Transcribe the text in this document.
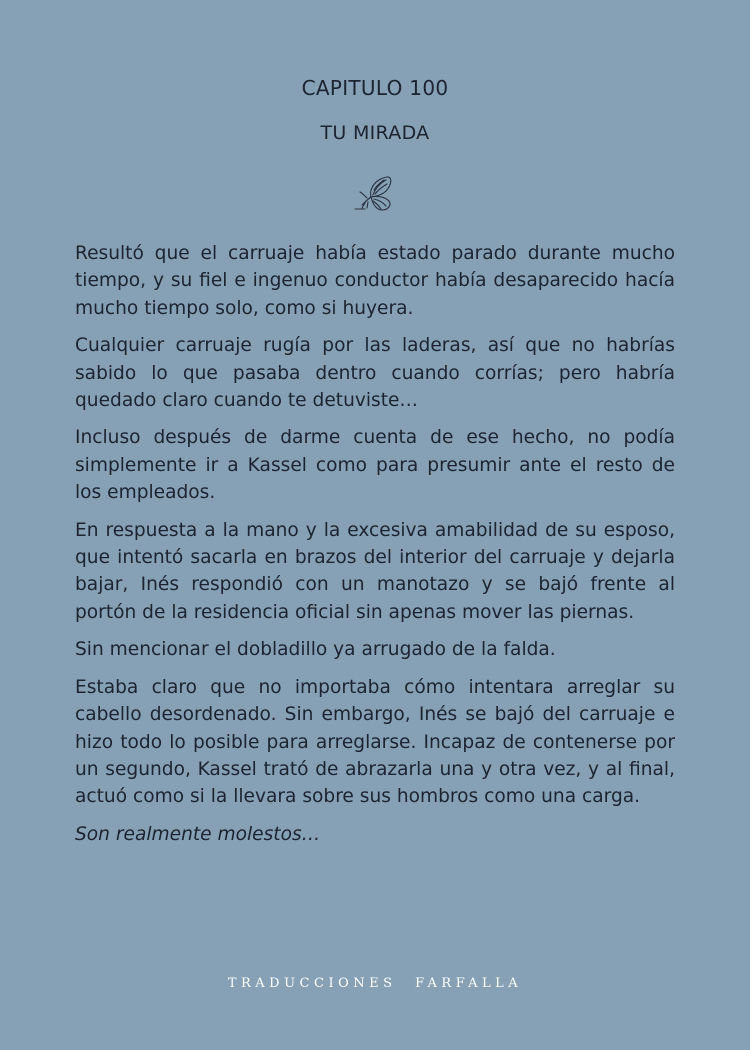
CAPITULO 100
TU MIRADA

Resultó que el carruaje había estado parado durante mucho tiempo, y su fiel e ingenuo conductor había desaparecido hacía mucho tiempo solo, como si huyera.

Cualquier carruaje rugía por las laderas, así que no habrías sabido lo que pasaba dentro cuando corrías; pero habría quedado claro cuando te detuviste…

Incluso después de darme cuenta de ese hecho, no podía simplemente ir a Kassel como para presumir ante el resto de los empleados.

En respuesta a la mano y la excesiva amabilidad de su esposo, que intentó sacarla en brazos del interior del carruaje y dejarla bajar, Inés respondió con un manotazo y se bajó frente al portón de la residencia oficial sin apenas mover las piernas.

Sin mencionar el dobladillo ya arrugado de la falda.

Estaba claro que no importaba cómo intentara arreglar su cabello desordenado. Sin embargo, Inés se bajó del carruaje e hizo todo lo posible para arreglarse. Incapaz de contenerse por un segundo, Kassel trató de abrazarla una y otra vez, y al final, actuó como si la llevara sobre sus hombros como una carga.

Son realmente molestos…

TRADUCCIONES FARFALLA
